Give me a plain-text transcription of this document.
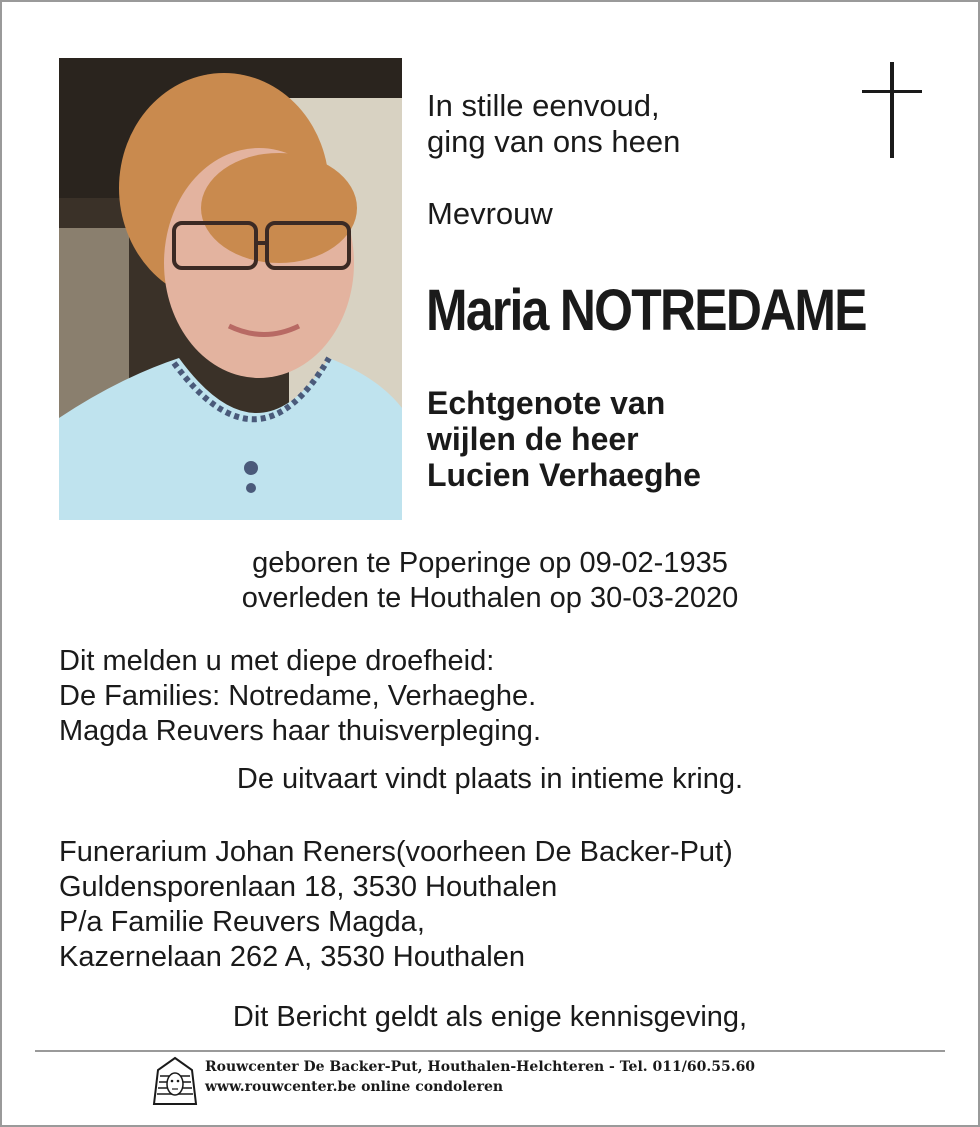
In stille eenvoud,
ging van ons heen
Mevrouw
Maria NOTREDAME
Echtgenote van
wijlen de heer
Lucien Verhaeghe
geboren te Poperinge op 09-02-1935
overleden te Houthalen op 30-03-2020
Dit melden u met diepe droefheid:
De Families: Notredame, Verhaeghe.
Magda Reuvers haar thuisverpleging.
De uitvaart vindt plaats in intieme kring.
Funerarium Johan Reners(voorheen De Backer-Put)
Guldensporenlaan 18, 3530 Houthalen
P/a Familie Reuvers Magda,
Kazernelaan 262 A, 3530 Houthalen
Dit Bericht geldt als enige kennisgeving,
Rouwcenter De Backer-Put, Houthalen-Helchteren - Tel. 011/60.55.60
www.rouwcenter.be online condoleren
